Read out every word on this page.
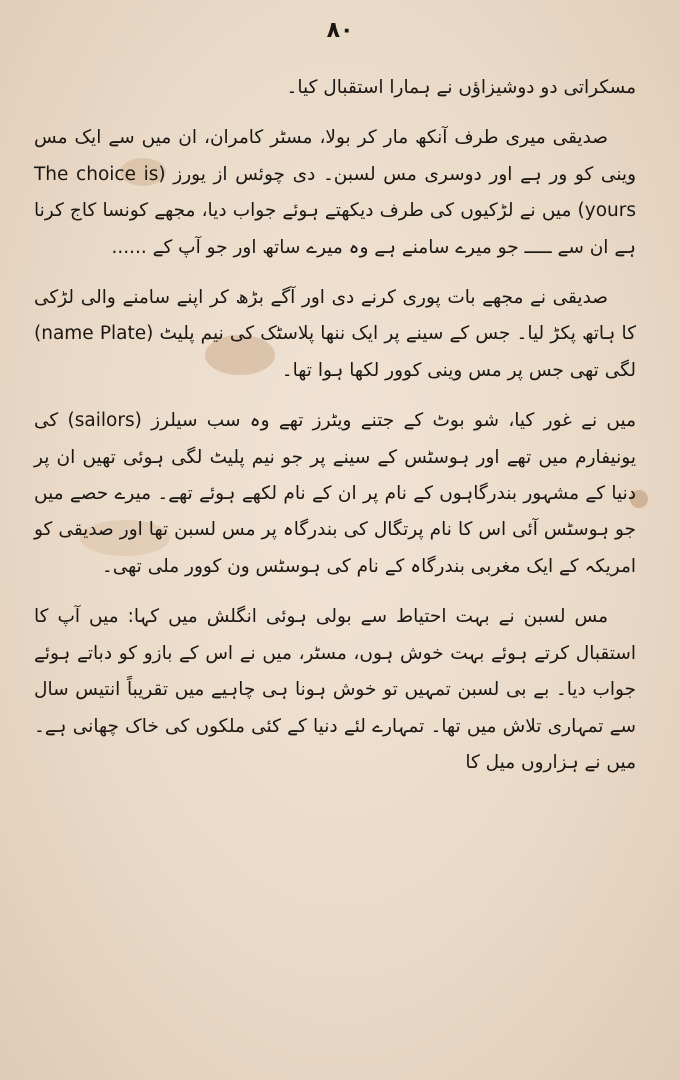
۸۰

مسکراتی دو دوشیزاؤں نے ہمارا استقبال کیا۔

صدیقی میری طرف آنکھ مار کر بولا، مسٹر کامران، ان میں سے ایک مس وینی کو ور ہے اور دوسری مس لسبن۔ دی چوئس از یورز (The choice is yours) میں نے لڑکیوں کی طرف دیکھتے ہوئے جواب دیا، مجھے کونسا کاج کرنا ہے ان سے ـــــ جو میرے سامنے ہے وہ میرے ساتھ اور جو آپ کے ......

صدیقی نے مجھے بات پوری کرنے دی اور آگے بڑھ کر اپنے سامنے والی لڑکی کا ہاتھ پکڑ لیا۔ جس کے سینے پر ایک ننھا پلاسٹک کی نیم پلیٹ (name Plate) لگی تھی جس پر مس وینی کوور لکھا ہوا تھا۔

میں نے غور کیا، شو بوٹ کے جتنے ویٹرز تھے وہ سب سیلرز (sailors) کی یونیفارم میں تھے اور ہوسٹس کے سینے پر جو نیم پلیٹ لگی ہوئی تھیں ان پر دنیا کے مشہور بندرگاہوں کے نام پر ان کے نام لکھے ہوئے تھے۔ میرے حصے میں جو ہوسٹس آئی اس کا نام پرتگال کی بندرگاہ پر مس لسبن تھا اور صدیقی کو امریکہ کے ایک مغربی بندرگاہ کے نام کی ہوسٹس ون کوور ملی تھی۔

مس لسبن نے بہت احتیاط سے بولی ہوئی انگلش میں کہا: میں آپ کا استقبال کرتے ہوئے بہت خوش ہوں، مسٹر، میں نے اس کے بازو کو دباتے ہوئے جواب دیا۔ بے بی لسبن تمہیں تو خوش ہونا ہی چاہیے میں تقریباً انتیس سال سے تمہاری تلاش میں تھا۔ تمہارے لئے دنیا کے کئی ملکوں کی خاک چھانی ہے۔ میں نے ہزاروں میل کا
